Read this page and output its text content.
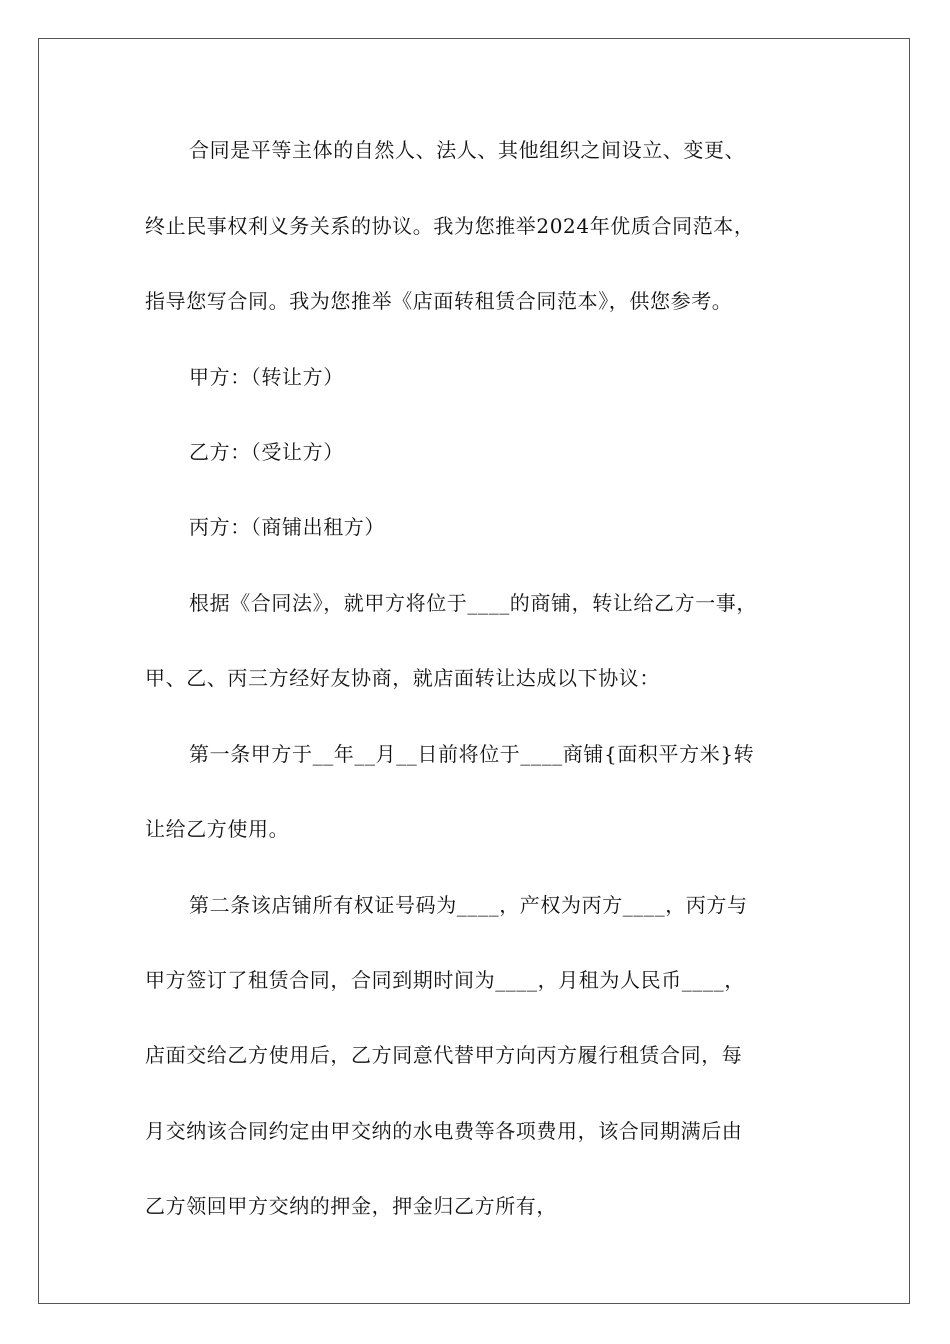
合同是平等主体的自然人、法人、其他组织之间设立、变更、
终止民事权利义务关系的协议。我为您推举2024年优质合同范本，
指导您写合同。我为您推举《店面转租赁合同范本》，供您参考。
甲方：（转让方）
乙方：（受让方）
丙方：（商铺出租方）
根据《合同法》，就甲方将位于____的商铺，转让给乙方一事，
甲、乙、丙三方经好友协商，就店面转让达成以下协议：
第一条甲方于__年__月__日前将位于____商铺{面积平方米}转
让给乙方使用。
第二条该店铺所有权证号码为____，产权为丙方____，丙方与
甲方签订了租赁合同，合同到期时间为____，月租为人民币____，
店面交给乙方使用后，乙方同意代替甲方向丙方履行租赁合同，每
月交纳该合同约定由甲交纳的水电费等各项费用，该合同期满后由
乙方领回甲方交纳的押金，押金归乙方所有，
